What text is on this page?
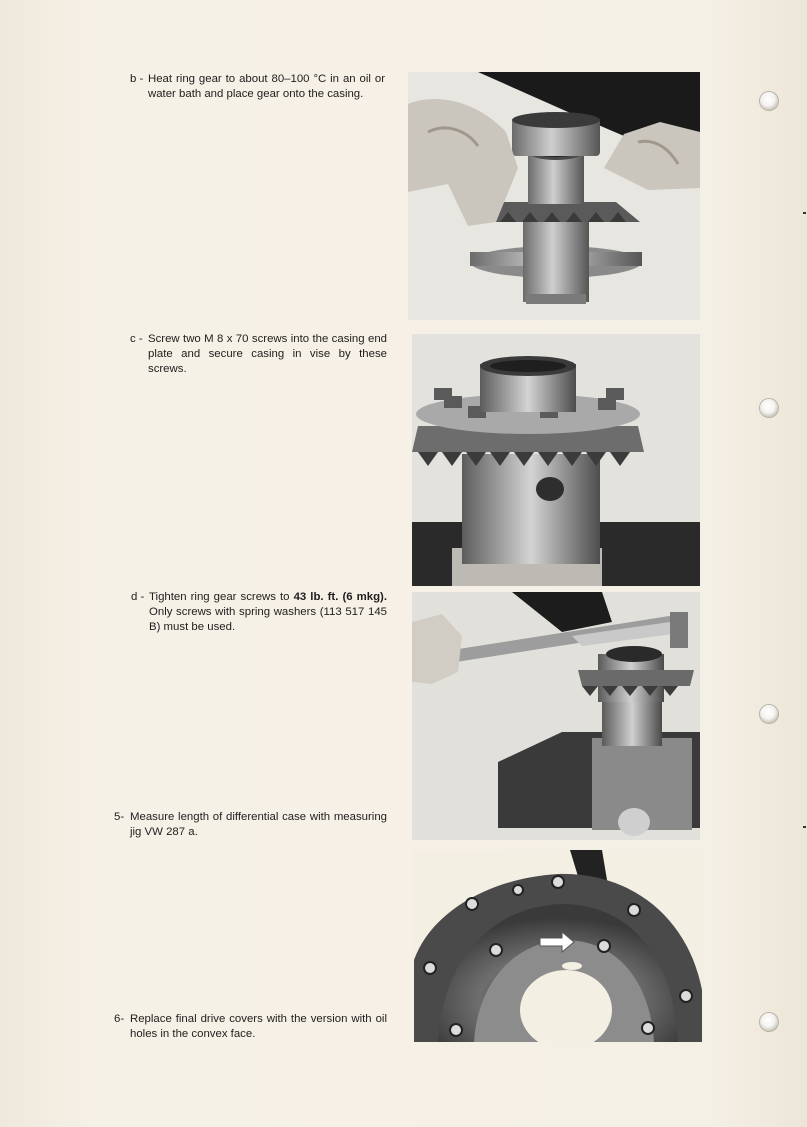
b - Heat ring gear to about 80–100 °C in an oil or water bath and place gear onto the casing.
c - Screw two M 8 x 70 screws into the casing end plate and secure casing in vise by these screws.
d - Tighten ring gear screws to 43 lb. ft. (6 mkg). Only screws with spring washers (113 517 145 B) must be used.
5- Measure length of differential case with measuring jig VW 287 a.
6- Replace final drive covers with the version with oil holes in the convex face.
